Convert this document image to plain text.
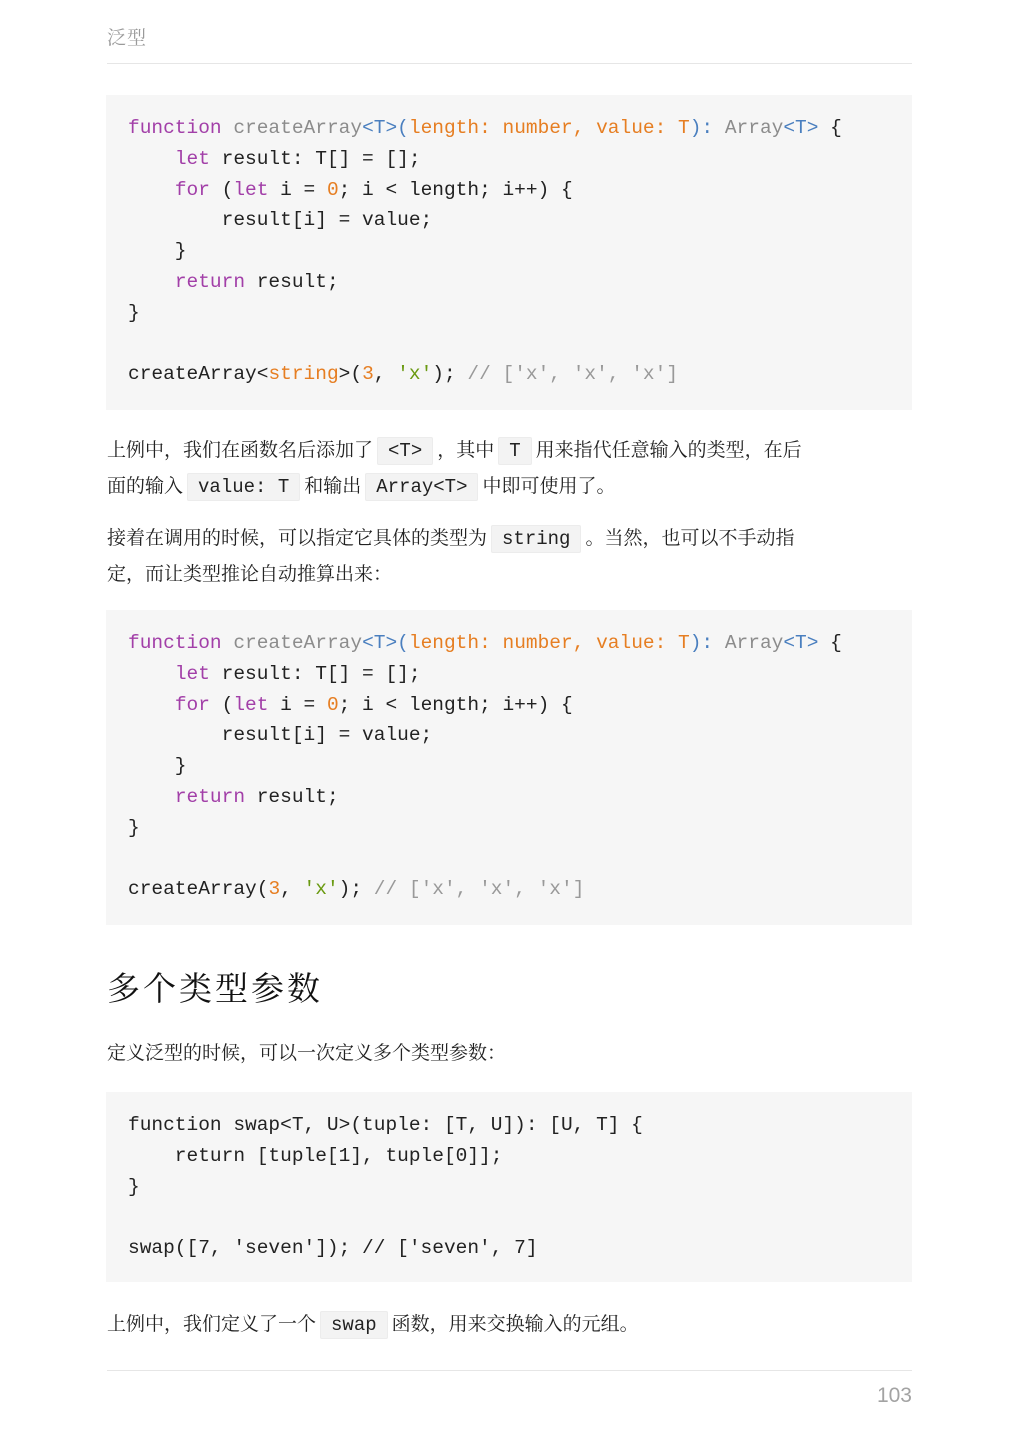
泛型
function createArray<T>(length: number, value: T): Array<T> {
let result: T[] = [];
for (let i = 0; i < length; i++) {
result[i] = value;
}
return result;
}
createArray<string>(3, 'x'); // ['x', 'x', 'x']
上例中，我们在函数名后添加了 <T> ，其中 T 用来指代任意输入的类型，在后
面的输入 value: T 和输出 Array<T> 中即可使用了。
接着在调用的时候，可以指定它具体的类型为 string 。当然，也可以不手动指
定，而让类型推论自动推算出来：
function createArray<T>(length: number, value: T): Array<T> {
let result: T[] = [];
for (let i = 0; i < length; i++) {
result[i] = value;
}
return result;
}
createArray(3, 'x'); // ['x', 'x', 'x']
多个类型参数
定义泛型的时候，可以一次定义多个类型参数：
function swap<T, U>(tuple: [T, U]): [U, T] {
return [tuple[1], tuple[0]];
}
swap([7, 'seven']); // ['seven', 7]
上例中，我们定义了一个 swap 函数，用来交换输入的元组。
103
